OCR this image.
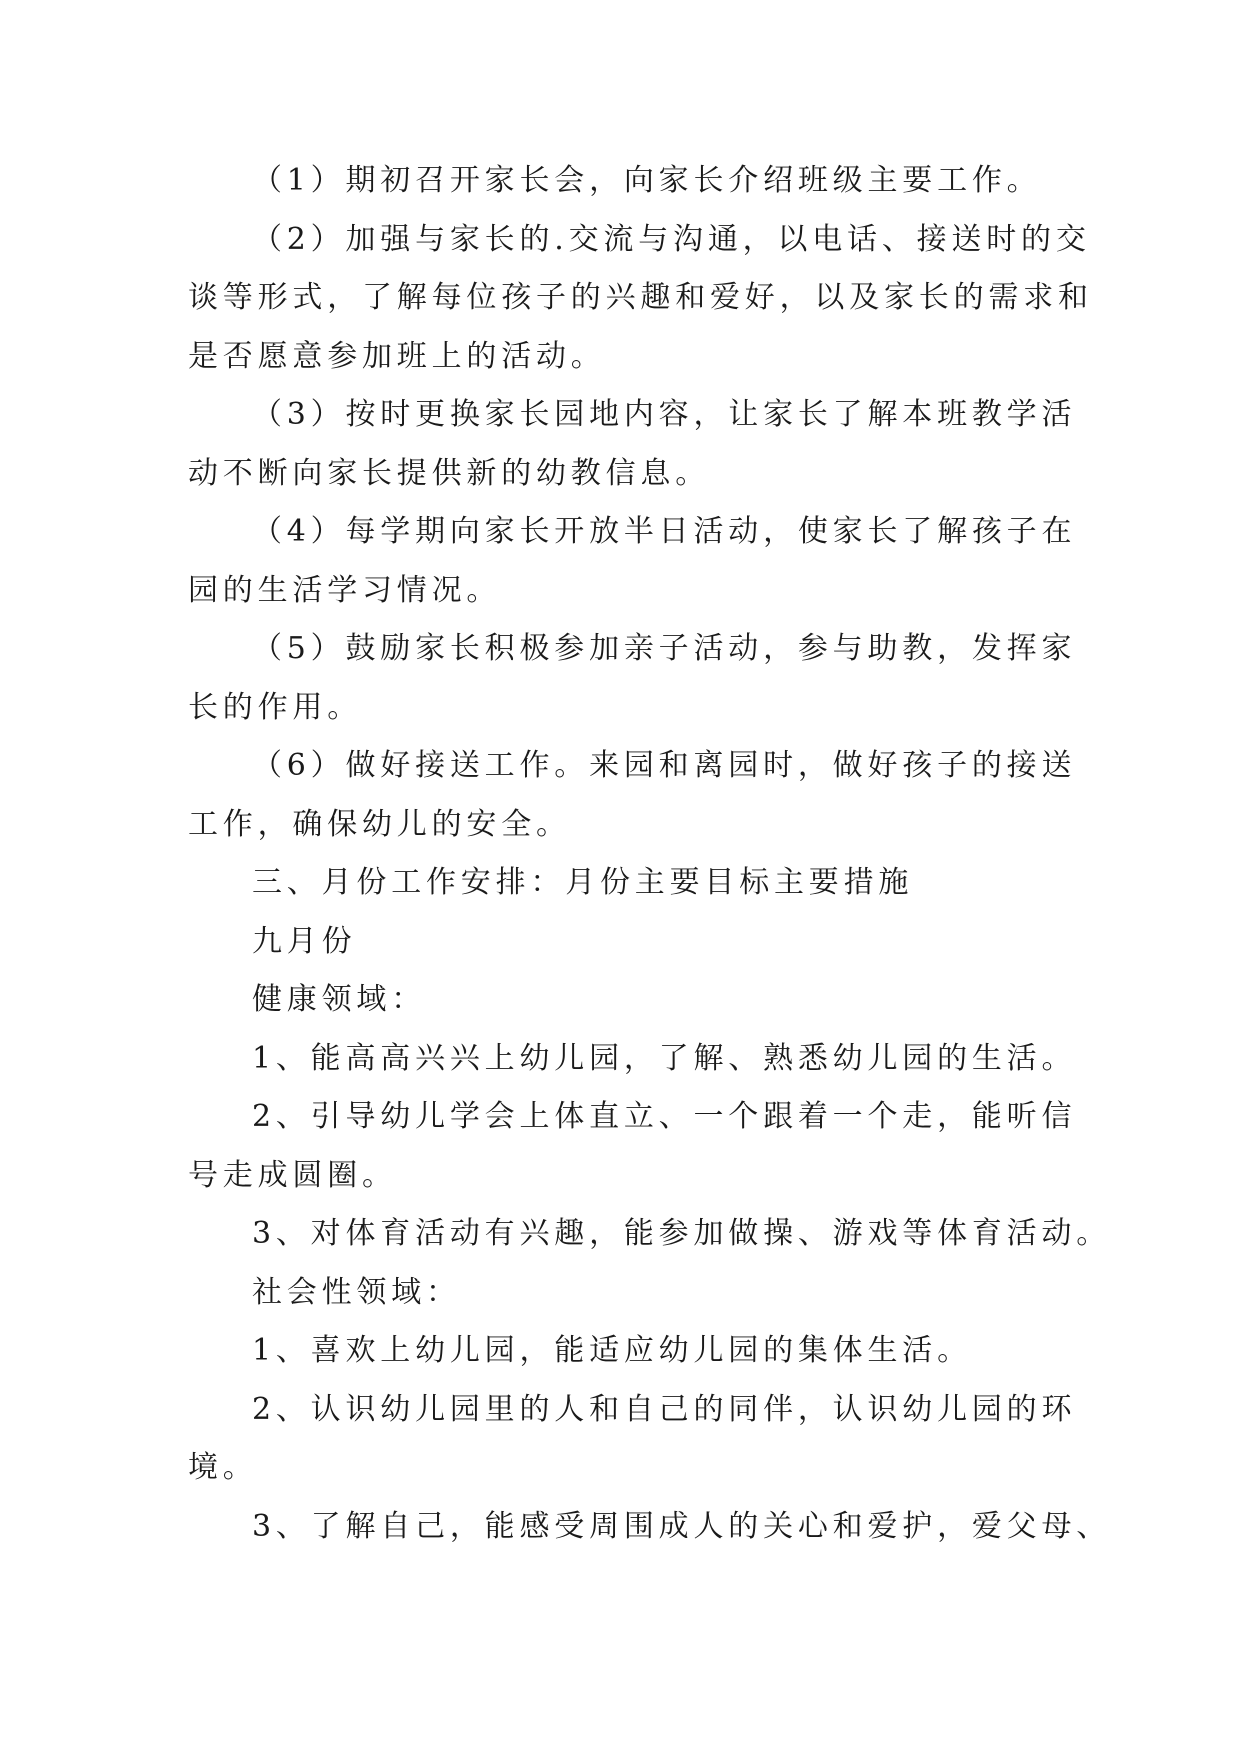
（1）期初召开家长会，向家长介绍班级主要工作。
（2）加强与家长的.交流与沟通，以电话、接送时的交
谈等形式，了解每位孩子的兴趣和爱好，以及家长的需求和
是否愿意参加班上的活动。
（3）按时更换家长园地内容，让家长了解本班教学活
动不断向家长提供新的幼教信息。
（4）每学期向家长开放半日活动，使家长了解孩子在
园的生活学习情况。
（5）鼓励家长积极参加亲子活动，参与助教，发挥家
长的作用。
（6）做好接送工作。来园和离园时，做好孩子的接送
工作，确保幼儿的安全。
三、月份工作安排：月份主要目标主要措施
九月份
健康领域：
1、能高高兴兴上幼儿园，了解、熟悉幼儿园的生活。
2、引导幼儿学会上体直立、一个跟着一个走，能听信
号走成圆圈。
3、对体育活动有兴趣，能参加做操、游戏等体育活动。
社会性领域：
1、喜欢上幼儿园，能适应幼儿园的集体生活。
2、认识幼儿园里的人和自己的同伴，认识幼儿园的环
境。
3、了解自己，能感受周围成人的关心和爱护，爱父母、
